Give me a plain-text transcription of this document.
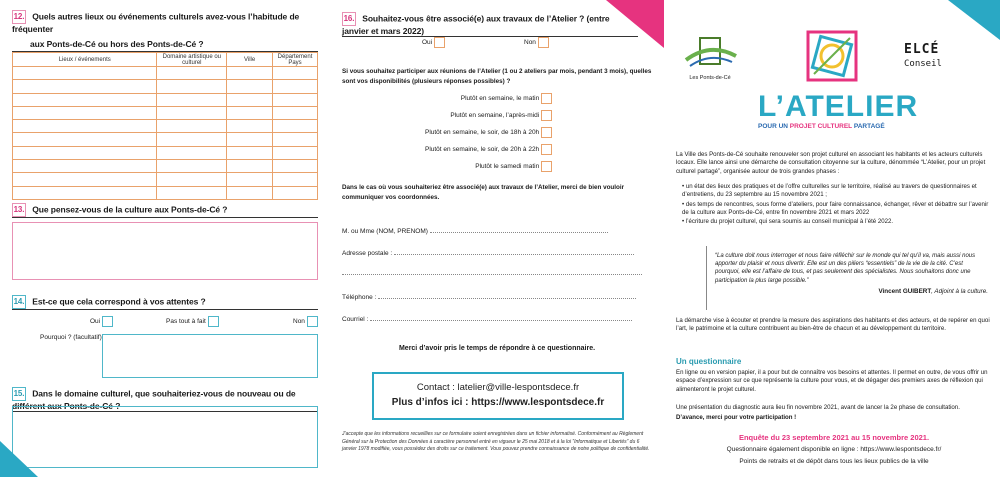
12. Quels autres lieux ou événements culturels avez-vous l’habitude de fréquenter
aux Ponts-de-Cé ou hors des Ponts-de-Cé ?
Lieux / événements	Domaine artistique ou culturel	Ville	Département Pays

13. Que pensez-vous de la culture aux Ponts-de-Cé ?
14. Est-ce que cela correspond à vos attentes ?
Oui	Pas tout à fait	Non
Pourquoi ? (facultatif)
15. Dans le domaine culturel, que souhaiteriez-vous de nouveau ou de différent aux Ponts-de-Cé ?
16. Souhaitez-vous être associé(e) aux travaux de l’Atelier ? (entre janvier et mars 2022)
Oui	Non
Si vous souhaitez participer aux réunions de l’Atelier (1 ou 2 ateliers par mois, pendant 3 mois), quelles sont vos disponibilités (plusieurs réponses possibles) ?
Plutôt en semaine, le matin
Plutôt en semaine, l’après-midi
Plutôt en semaine, le soir, de 18h à 20h
Plutôt en semaine, le soir, de 20h à 22h
Plutôt le samedi matin
Dans le cas où vous souhaiteriez être associé(e) aux travaux de l’Atelier, merci de bien vouloir communiquer vos coordonnées.
M. ou Mme (NOM, PRENOM)
Adresse postale :
Téléphone :
Courriel :
Merci d’avoir pris le temps de répondre à ce questionnaire.
Contact : latelier@ville-lespontsdece.fr
Plus d’infos ici : https://www.lespontsdece.fr
J’accepte que les informations recueillies sur ce formulaire soient enregistrées dans un fichier informatisé. Conformément au Règlement Général sur la Protection des Données à caractère personnel entré en vigueur le 25 mai 2018 et à la loi “Informatique et Libertés” du 6 janvier 1978 modifiée, vous possédez des droits sur ce traitement. Vous pouvez prendre connaissance de notre politique de confidentialité.
Les Ponts-de-Cé
ELCÉ
Conseil
L’ATELIER
POUR UN PROJET CULTUREL PARTAGÉ
La Ville des Ponts-de-Cé souhaite renouveler son projet culturel en associant les habitants et les acteurs culturels locaux. Elle lance ainsi une démarche de consultation citoyenne sur la culture, dénommée “L’Atelier, pour un projet culturel partagé”, organisée autour de trois grandes phases :
• un état des lieux des pratiques et de l’offre culturelles sur le territoire, réalisé au travers de questionnaires et d’entretiens, du 23 septembre au 15 novembre 2021 ;
• des temps de rencontres, sous forme d’ateliers, pour faire connaissance, échanger, rêver et débattre sur l’avenir de la culture aux Ponts-de-Cé, entre fin novembre 2021 et mars 2022
• l’écriture du projet culturel, qui sera soumis au conseil municipal à l’été 2022.
“La culture doit nous interroger et nous faire réfléchir sur le monde qui tel qu’il va, mais aussi nous apporter du plaisir et nous divertir. Elle est un des piliers “essentiels” de la vie de la cité. C’est pourquoi, elle est l’affaire de tous, et pas seulement des spécialistes. Nous souhaitons donc une participation la plus large possible.”
Vincent GUIBERT, Adjoint à la culture.
La démarche vise à écouter et prendre la mesure des aspirations des habitants et des acteurs, et de repérer en quoi l’art, le patrimoine et la culture contribuent au bien-être de chacun et au développement du territoire.
Un questionnaire
En ligne ou en version papier, il a pour but de connaître vos besoins et attentes. Il permet en outre, de vous offrir un espace d’expression sur ce que représente la culture pour vous, et de dégager des premiers axes de réflexion qui alimenteront le projet culturel.
Une présentation du diagnostic aura lieu fin novembre 2021, avant de lancer la 2e phase de consultation.
D’avance, merci pour votre participation !
Enquête du 23 septembre 2021 au 15 novembre 2021.
Questionnaire également disponible en ligne : https://www.lespontsdece.fr/
Points de retraits et de dépôt dans tous les lieux publics de la ville
